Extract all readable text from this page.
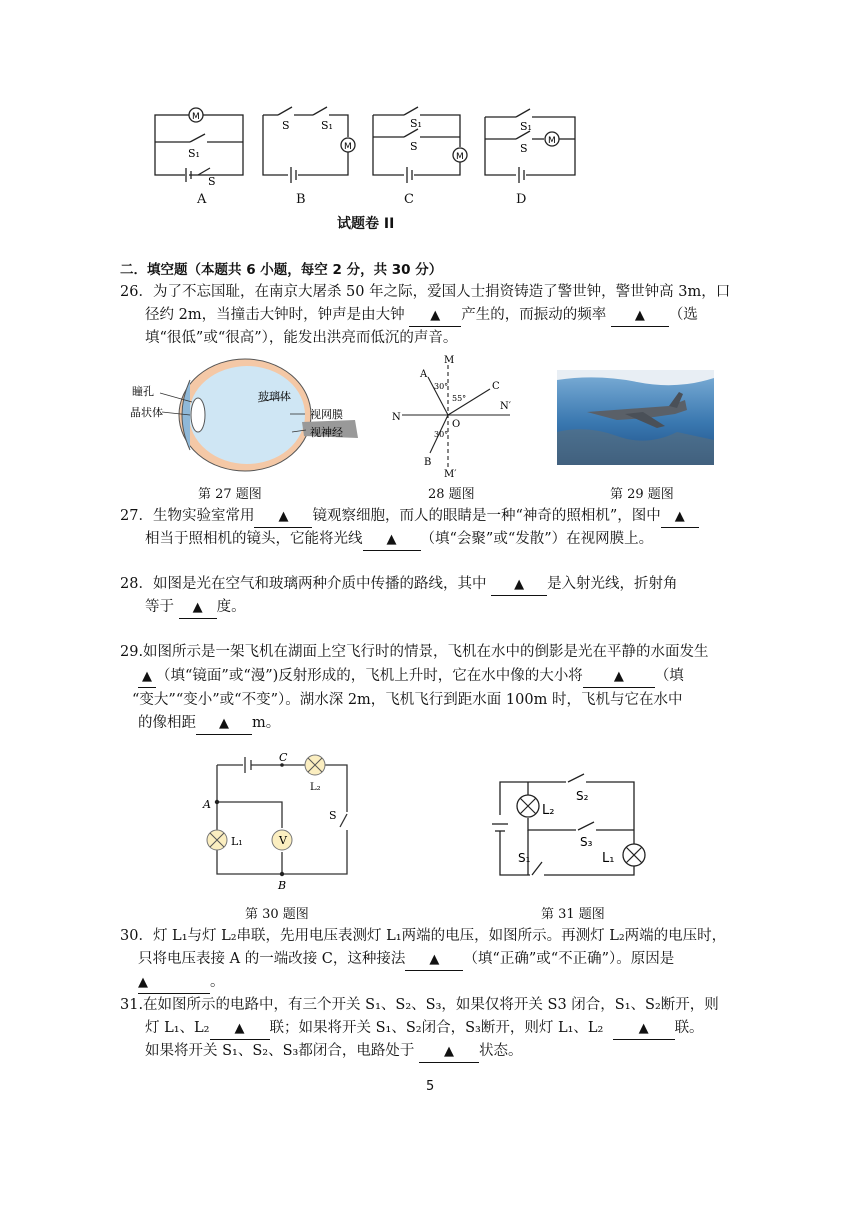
M
S₁
S
M
S	S₁
M
S₁
S	M
S₁
S
A	B	C	D
试题卷 II
二．填空题（本题共 6 小题，每空 2 分，共 30 分）
26．为了不忘国耻，在南京大屠杀 50 年之际，爱国人士捐资铸造了警世钟，警世钟高 3m，口
径约 2m，当撞击大钟时，钟声是由大钟 ▲ 产生的，而振动的频率 ▲ （选
填“很低”或“很高”），能发出洪亮而低沉的声音。
瞳孔
晶状体
玻璃体
视网膜
视神经
M
A
C
N
O
N′
B
M′
30°
55°
30°
第 27 题图	28 题图	第 29 题图
27．生物实验室常用 ▲ 镜观察细胞，而人的眼睛是一种“神奇的照相机”，图中 ▲
相当于照相机的镜头，它能将光线 ▲ （填“会聚”或“发散”）在视网膜上。
28．如图是光在空气和玻璃两种介质中传播的路线，其中 ▲ 是入射光线，折射角
等于 ▲ 度。
29.如图所示是一架飞机在湖面上空飞行时的情景，飞机在水中的倒影是光在平静的水面发生
▲ （填“镜面”或“漫”)反射形成的，飞机上升时，它在水中像的大小将 ▲ （填
“变大”“变小”或“不变”）。湖水深 2m，飞机飞行到距水面 100m 时，飞机与它在水中
的像相距 ▲ m。
V
C
A
B
L₁
L₂
S
S₂
L₂
S₃
S₁	L₁
第 30 题图	第 31 题图
30．灯 L₁与灯 L₂串联，先用电压表测灯 L₁两端的电压，如图所示。再测灯 L₂两端的电压时，
只将电压表接 A 的一端改接 C，这种接法 ▲ （填“正确”或“不正确”）。原因是
▲	。
31.在如图所示的电路中，有三个开关 S₁、S₂、S₃，如果仅将开关 S3 闭合，S₁、S₂断开，则
灯 L₁、L₂ ▲ 联；如果将开关 S₁、S₂闭合，S₃断开，则灯 L₁、L₂	▲ 联。
如果将开关 S₁、S₂、S₃都闭合，电路处于 ▲ 状态。
5
